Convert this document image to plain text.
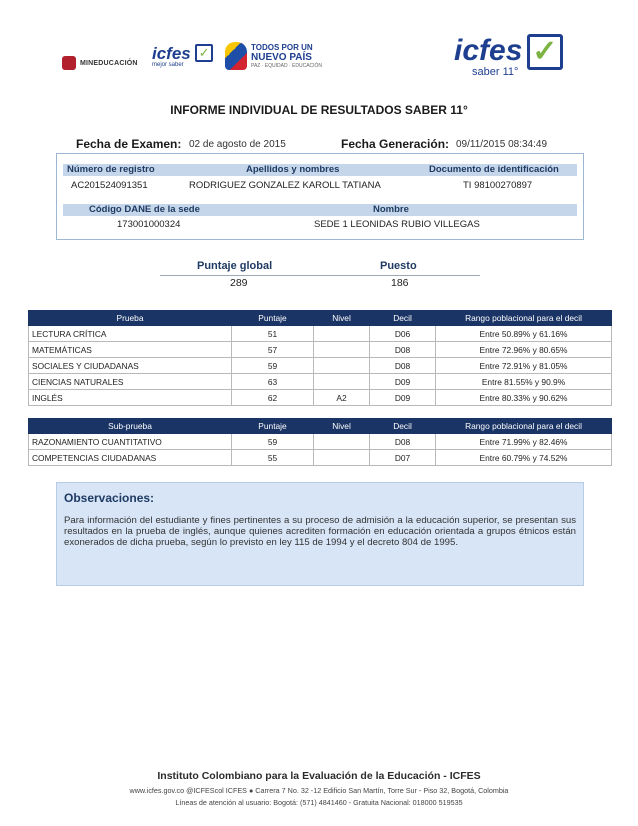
MINEDUCACIÓN icfes ✓
mejor saber
TODOS POR UN
NUEVO PAÍS
PAZ · EQUIDAD · EDUCACIÓN	icfes ✓
saber 11°
INFORME INDIVIDUAL DE RESULTADOS SABER 11°
Fecha de Examen: 02 de agosto de 2015	Fecha Generación: 09/11/2015 08:34:49
Número de registro	Apellidos y nombres	Documento de identificación
AC201524091351	RODRIGUEZ GONZALEZ KAROLL TATIANA	TI 98100270897
Código DANE de la sede	Nombre
173001000324	SEDE 1 LEONIDAS RUBIO VILLEGAS
Puntaje global	Puesto
289	186
Prueba	Puntaje	Nivel	Decil	Rango poblacional para el decil
LECTURA CRÍTICA	51		D06	Entre 50.89% y 61.16%
MATEMÁTICAS	57		D08	Entre 72.96% y 80.65%
SOCIALES Y CIUDADANAS	59		D08	Entre 72.91% y 81.05%
CIENCIAS NATURALES	63		D09	Entre 81.55% y 90.9%
INGLÉS	62	A2	D09	Entre 80.33% y 90.62%
Sub-prueba	Puntaje	Nivel	Decil	Rango poblacional para el decil
RAZONAMIENTO CUANTITATIVO	59		D08	Entre 71.99% y 82.46%
COMPETENCIAS CIUDADANAS	55		D07	Entre 60.79% y 74.52%
Observaciones:
Para información del estudiante y fines pertinentes a su proceso de admisión a la educación superior, se presentan sus resultados en la prueba de inglés, aunque quienes acrediten formación en educación orientada a grupos étnicos están exonerados de dicha prueba, según lo previsto en ley 115 de 1994 y el decreto 804 de 1995.
Instituto Colombiano para la Evaluación de la Educación - ICFES
www.icfes.gov.co @ICFEScol ICFES ● Carrera 7 No. 32 -12 Edificio San Martín, Torre Sur - Piso 32, Bogotá, Colombia
Líneas de atención al usuario: Bogotá: (571) 4841460 - Gratuita Nacional: 018000 519535
